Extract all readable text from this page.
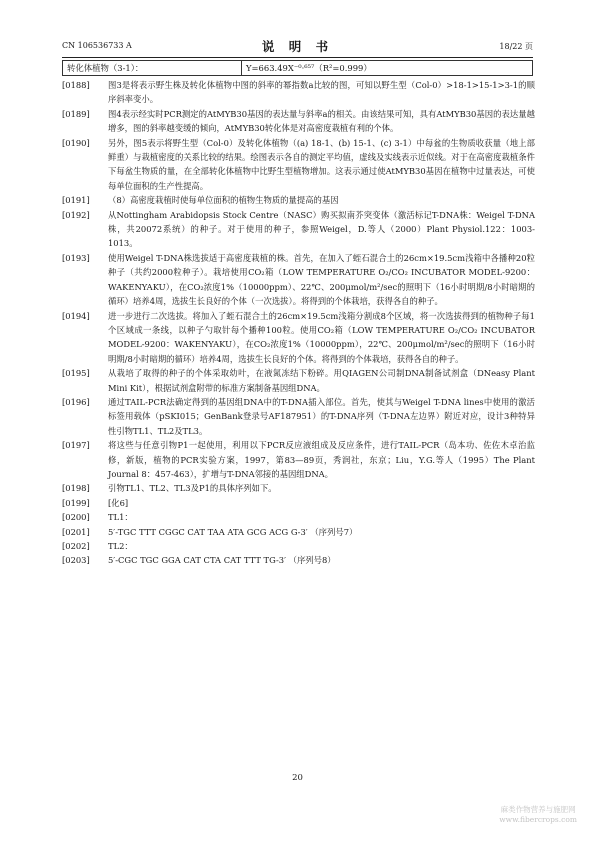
CN 106536733 A	说 明 书	18/22 页
转化体植物（3-1）：	Y=663.49X⁻⁰·⁶⁵⁷（R²=0.999）
[0188]	图3是将表示野生株及转化体植物中图的斜率的幂指数a比较的图，可知以野生型（Col-0）>18-1>15-1>3-1的顺序斜率变小。
[0189]	图4表示经实时PCR测定的AtMYB30基因的表达量与斜率a的相关。由该结果可知，具有AtMYB30基因的表达量越增多，图的斜率越变缓的倾向，AtMYB30转化体是对高密度栽植有利的个体。
[0190]	另外，图5表示将野生型（Col-0）及转化体植物（(a) 18-1、(b) 15-1、(c) 3-1）中每盆的生物质收获量（地上部鲜重）与栽植密度的关系比较的结果。绘图表示各自的测定平均值，虚线及实线表示近似线。对于在高密度栽植条件下每盆生物质的量，在全部转化体植物中比野生型植物增加。这表示通过使AtMYB30基因在植物中过量表达，可使每单位面积的生产性提高。
[0191]	（8）高密度栽植时使每单位面积的植物生物质的量提高的基因
[0192]	从Nottingham Arabidopsis Stock Centre（NASC）购买拟南芥突变体（激活标记T-DNA株：Weigel T-DNA株，共20072系统）的种子。对于使用的种子，参照Weigel，D.等人（2000）Plant Physiol.122：1003-1013。
[0193]	使用Weigel T-DNA株选拔适于高密度栽植的株。首先，在加入了蛭石混合土的26cm×19.5cm浅箱中各播种20粒种子（共约2000粒种子）。栽培使用CO₂箱（LOW TEMPERATURE O₂/CO₂ INCUBATOR MODEL-9200：WAKENYAKU），在CO₂浓度1%（10000ppm）、22℃、200μmol/m²/sec的照明下（16小时明期/8小时暗期的循环）培养4周，选拔生长良好的个体（一次选拔）。将得到的个体栽培，获得各自的种子。
[0194]	进一步进行二次选拔。将加入了蛭石混合土的26cm×19.5cm浅箱分割成8个区域，将一次选拔得到的植物种子每1个区域成一条线，以种子勺取针每个播种100粒。使用CO₂箱（LOW TEMPERATURE O₂/CO₂ INCUBATOR MODEL-9200：WAKENYAKU），在CO₂浓度1%（10000ppm），22℃、200μmol/m²/sec的照明下（16小时明期/8小时暗期的循环）培养4周，选拔生长良好的个体。将得到的个体栽培，获得各自的种子。
[0195]	从栽培了取得的种子的个体采取幼叶，在液氮冻结下粉碎。用QIAGEN公司制DNA制备试剂盒（DNeasy Plant Mini Kit），根据试剂盒附带的标准方案制备基因组DNA。
[0196]	通过TAIL-PCR法确定得到的基因组DNA中的T-DNA插入部位。首先，使其与Weigel T-DNA lines中使用的激活标签用载体（pSKI015；GenBank登录号AF187951）的T-DNA序列（T-DNA左边界）附近对应，设计3种特异性引物TL1、TL2及TL3。
[0197]	将这些与任意引物P1一起使用，利用以下PCR反应液组成及反应条件，进行TAIL-PCR（岛本功、佐佐木卓治监修，新版，植物的PCR实验方案，1997，第83—89页，秀润社，东京；Liu，Y.G.等人（1995）The Plant Journal 8：457-463），扩增与T-DNA邻接的基因组DNA。
[0198]	引物TL1、TL2、TL3及P1的具体序列如下。
[0199]	[化6]
[0200]	TL1：
[0201]	5′-TGC TTT CGGC CAT TAA ATA GCG ACG G-3′ （序列号7）
[0202]	TL2：
[0203]	5′-CGC TGC GGA CAT CTA CAT TTT TG-3′ （序列号8）
20
麻类作物营养与施肥网
www.fibercrops.com
